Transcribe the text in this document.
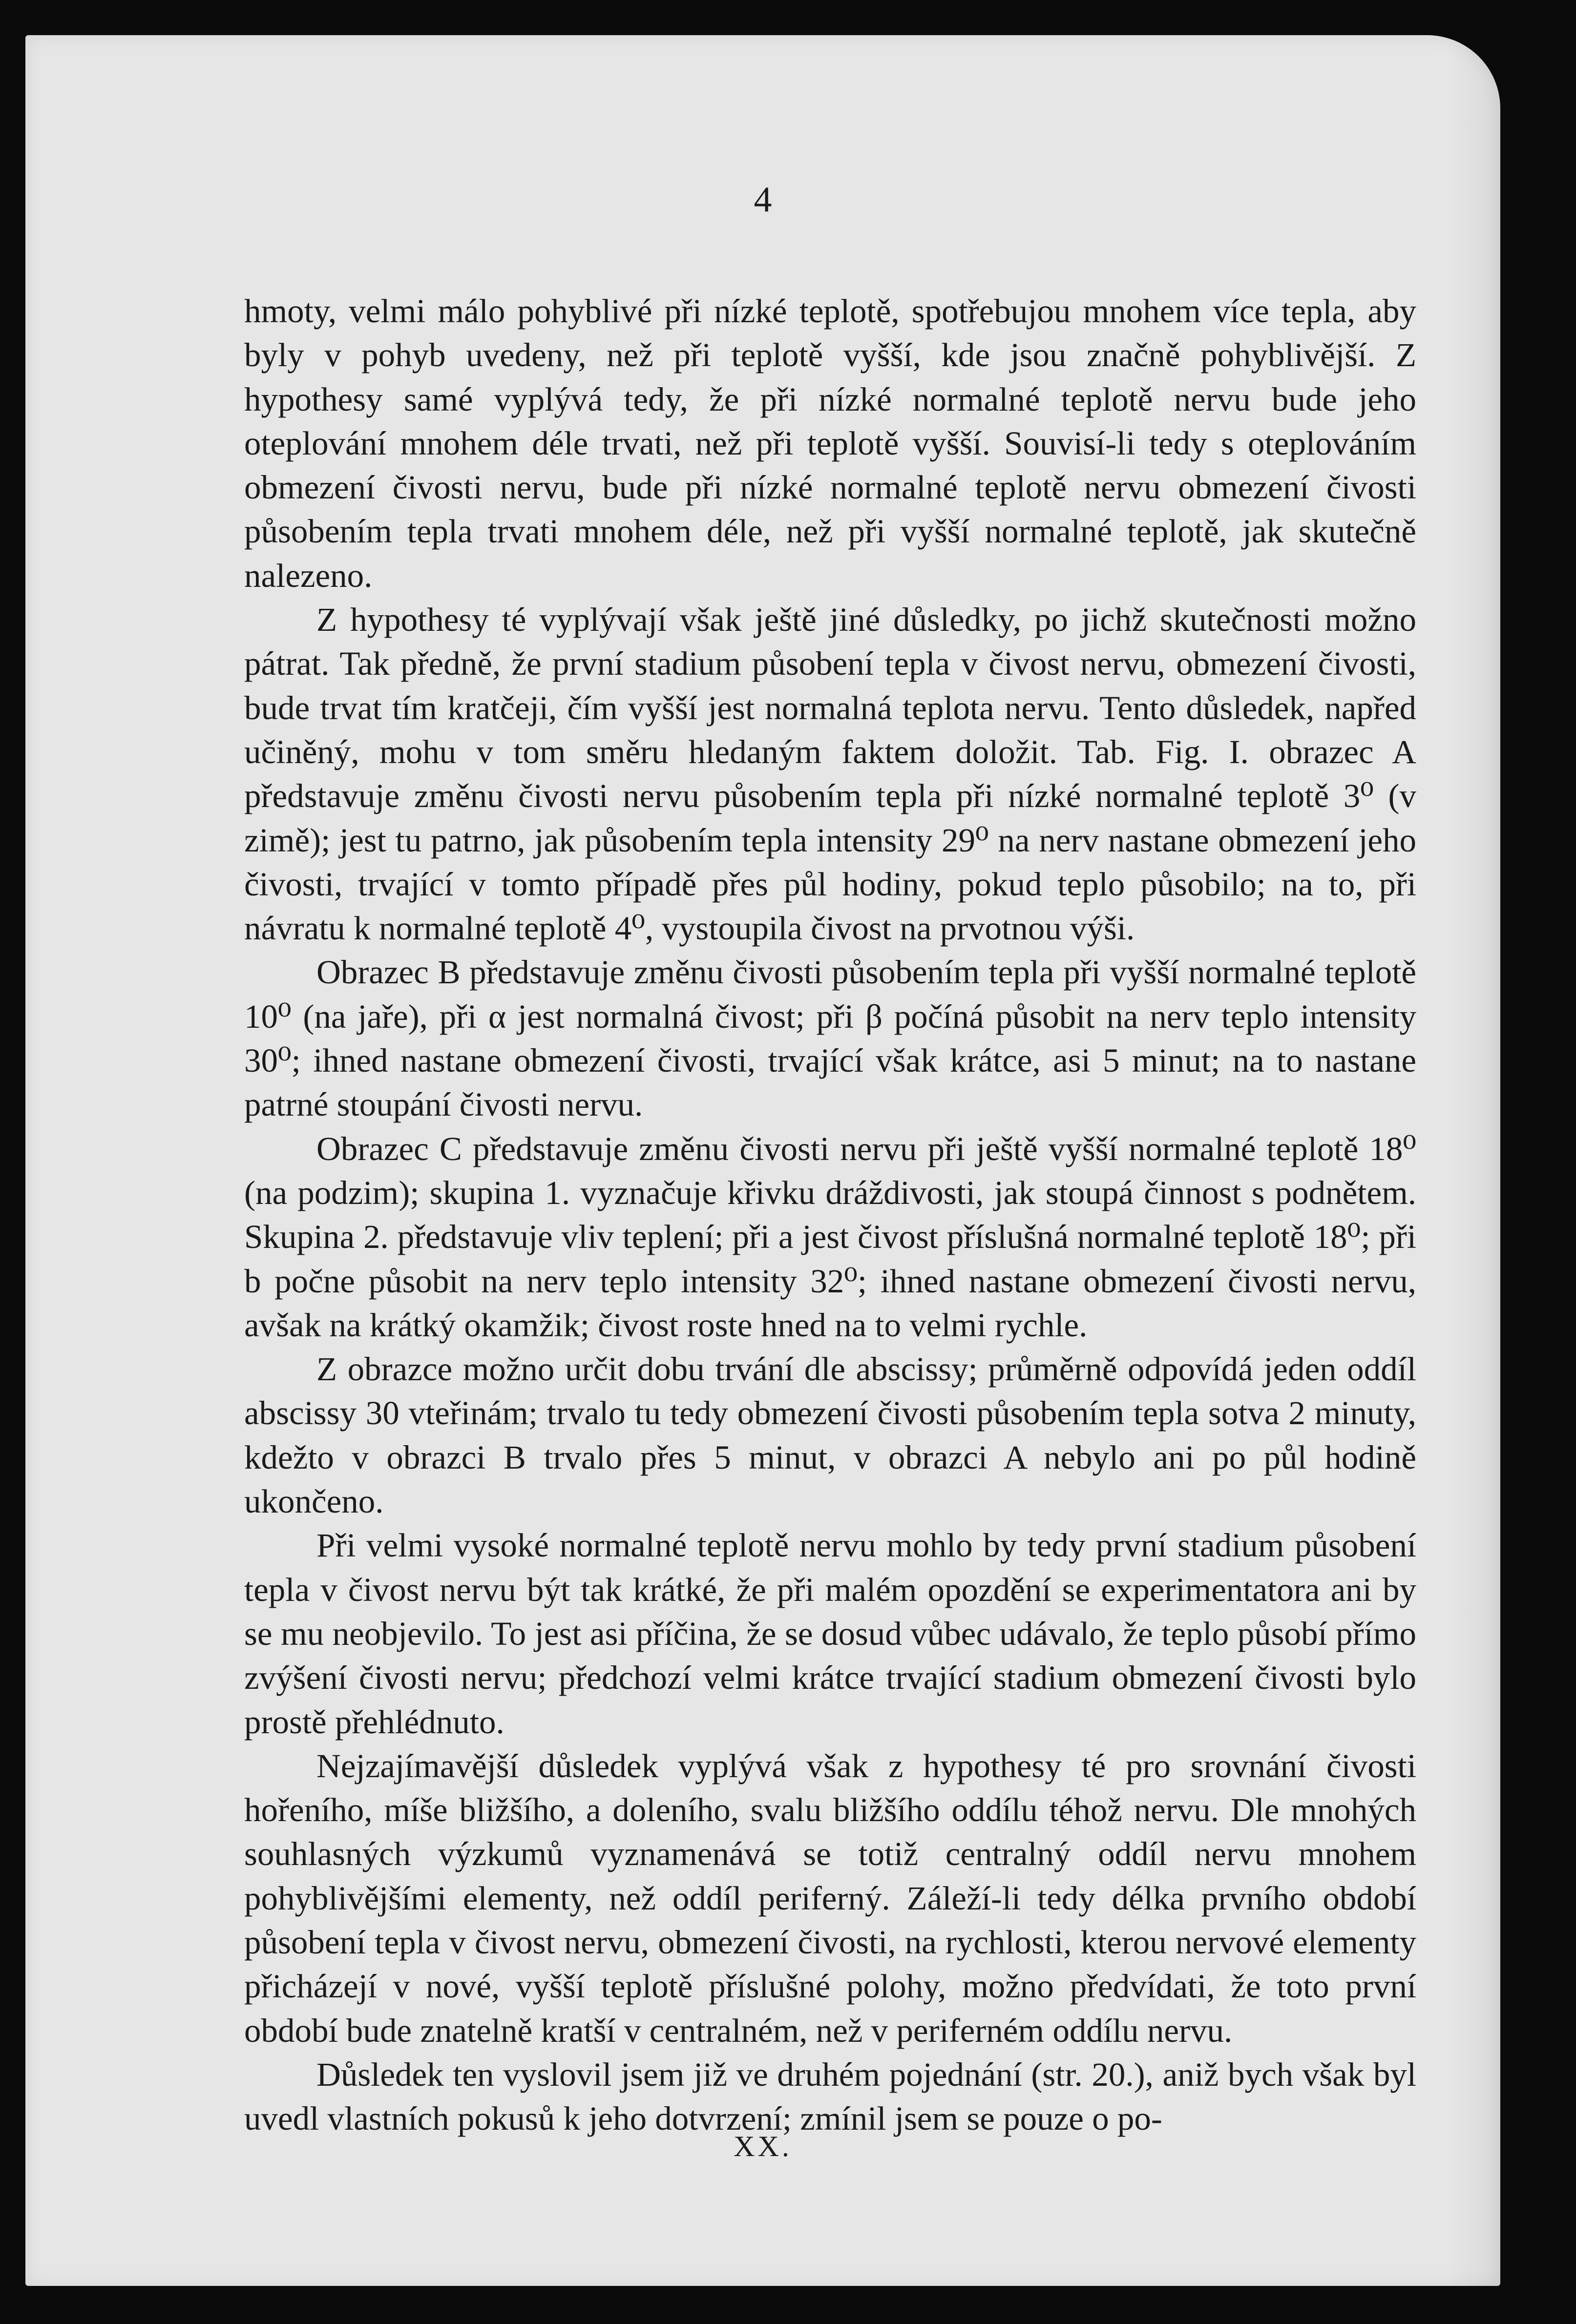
4

hmoty, velmi málo pohyblivé při nízké teplotě, spotřebujou mnohem více tepla, aby byly v pohyb uvedeny, než při teplotě vyšší, kde jsou značně pohyblivější. Z hypothesy samé vyplývá tedy, že při nízké normalné teplotě nervu bude jeho oteplování mnohem déle trvati, než při teplotě vyšší. Souvisí-li tedy s oteplováním obmezení čivosti nervu, bude při nízké normalné teplotě nervu obmezení čivosti působením tepla trvati mnohem déle, než při vyšší normalné teplotě, jak skutečně nalezeno.

Z hypothesy té vyplývají však ještě jiné důsledky, po jichž skutečnosti možno pátrat. Tak předně, že první stadium působení tepla v čivost nervu, obmezení čivosti, bude trvat tím kratčeji, čím vyšší jest normalná teplota nervu. Tento důsledek, napřed učiněný, mohu v tom směru hledaným faktem doložit. Tab. Fig. I. obrazec A představuje změnu čivosti nervu působením tepla při nízké normalné teplotě 3⁰ (v zimě); jest tu patrno, jak působením tepla intensity 29⁰ na nerv nastane obmezení jeho čivosti, trvající v tomto případě přes půl hodiny, pokud teplo působilo; na to, při návratu k normalné teplotě 4⁰, vystoupila čivost na prvotnou výši.

Obrazec B představuje změnu čivosti působením tepla při vyšší normalné teplotě 10⁰ (na jaře), při α jest normalná čivost; při β počíná působit na nerv teplo intensity 30⁰; ihned nastane obmezení čivosti, trvající však krátce, asi 5 minut; na to nastane patrné stoupání čivosti nervu.

Obrazec C představuje změnu čivosti nervu při ještě vyšší normalné teplotě 18⁰ (na podzim); skupina 1. vyznačuje křivku dráždivosti, jak stoupá činnost s podnětem. Skupina 2. představuje vliv teplení; při a jest čivost příslušná normalné teplotě 18⁰; při b počne působit na nerv teplo intensity 32⁰; ihned nastane obmezení čivosti nervu, avšak na krátký okamžik; čivost roste hned na to velmi rychle.

Z obrazce možno určit dobu trvání dle abscissy; průměrně odpovídá jeden oddíl abscissy 30 vteřinám; trvalo tu tedy obmezení čivosti působením tepla sotva 2 minuty, kdežto v obrazci B trvalo přes 5 minut, v obrazci A nebylo ani po půl hodině ukončeno.

Při velmi vysoké normalné teplotě nervu mohlo by tedy první stadium působení tepla v čivost nervu být tak krátké, že při malém opozdění se experimentatora ani by se mu neobjevilo. To jest asi příčina, že se dosud vůbec udávalo, že teplo působí přímo zvýšení čivosti nervu; předchozí velmi krátce trvající stadium obmezení čivosti bylo prostě přehlédnuto.

Nejzajímavější důsledek vyplývá však z hypothesy té pro srovnání čivosti hořeního, míše bližšího, a doleního, svalu bližšího oddílu téhož nervu. Dle mnohých souhlasných výzkumů vyznamenává se totiž centralný oddíl nervu mnohem pohyblivějšími elementy, než oddíl periferný. Záleží-li tedy délka prvního období působení tepla v čivost nervu, obmezení čivosti, na rychlosti, kterou nervové elementy přicházejí v nové, vyšší teplotě příslušné polohy, možno předvídati, že toto první období bude znatelně kratší v centralném, než v periferném oddílu nervu.

Důsledek ten vyslovil jsem již ve druhém pojednání (str. 20.), aniž bych však byl uvedl vlastních pokusů k jeho dotvrzení; zmínil jsem se pouze o po-

XX.
